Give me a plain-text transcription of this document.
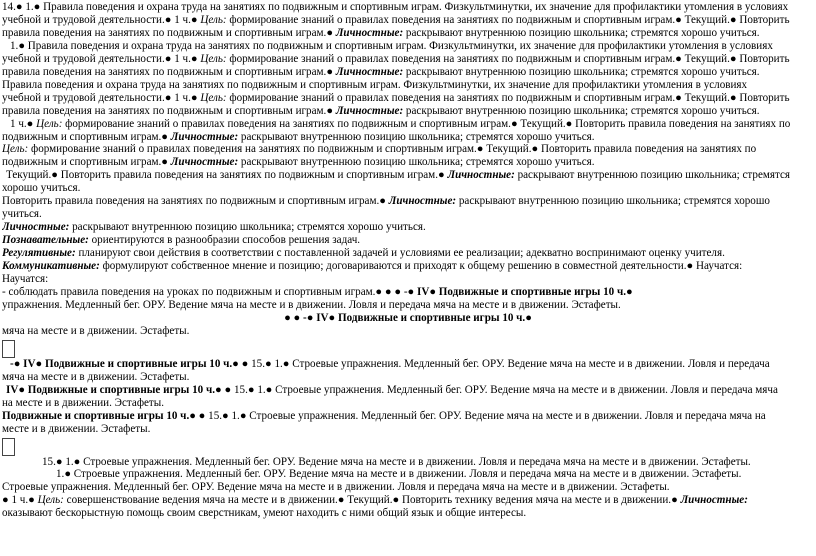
14.● 1.● Правила поведения и охрана труда на занятиях по подвижным и спортивным играм. Физкультминутки, их значение для профилактики утомления в условиях
учебной и трудовой деятельности.● 1 ч.● Цель: формирование знаний о правилах поведения на занятиях по подвижным и спортивным играм.● Текущий.● Повторить
правила поведения на занятиях по подвижным и спортивным играм.● Личностные: раскрывают внутреннюю позицию школьника; стремятся хорошо учиться.
1.● Правила поведения и охрана труда на занятиях по подвижным и спортивным играм. Физкультминутки, их значение для профилактики утомления в условиях
учебной и трудовой деятельности.● 1 ч.● Цель: формирование знаний о правилах поведения на занятиях по подвижным и спортивным играм.● Текущий.● Повторить
правила поведения на занятиях по подвижным и спортивным играм.● Личностные: раскрывают внутреннюю позицию школьника; стремятся хорошо учиться.
Правила поведения и охрана труда на занятиях по подвижным и спортивным играм. Физкультминутки, их значение для профилактики утомления в условиях
учебной и трудовой деятельности.● 1 ч.● Цель: формирование знаний о правилах поведения на занятиях по подвижным и спортивным играм.● Текущий.● Повторить
правила поведения на занятиях по подвижным и спортивным играм.● Личностные: раскрывают внутреннюю позицию школьника; стремятся хорошо учиться.
1 ч.● Цель: формирование знаний о правилах поведения на занятиях по подвижным и спортивным играм.● Текущий.● Повторить правила поведения на занятиях по
подвижным и спортивным играм.● Личностные: раскрывают внутреннюю позицию школьника; стремятся хорошо учиться.
Цель: формирование знаний о правилах поведения на занятиях по подвижным и спортивным играм.● Текущий.● Повторить правила поведения на занятиях по
подвижным и спортивным играм.● Личностные: раскрывают внутреннюю позицию школьника; стремятся хорошо учиться.
Текущий.● Повторить правила поведения на занятиях по подвижным и спортивным играм.● Личностные: раскрывают внутреннюю позицию школьника; стремятся
хорошо учиться.
Повторить правила поведения на занятиях по подвижным и спортивным играм.● Личностные: раскрывают внутреннюю позицию школьника; стремятся хорошо
учиться.
Личностные: раскрывают внутреннюю позицию школьника; стремятся хорошо учиться.
Познавательные: ориентируются в разнообразии способов решения задач.
Регулятивные: планируют свои действия в соответствии с поставленной задачей и условиями ее реализации; адекватно воспринимают оценку учителя.
Коммуникативные: формулируют собственное мнение и позицию; договариваются и приходят к общему решению в совместной деятельности.● Научатся:
Научатся:
- соблюдать правила поведения на уроках по подвижным и спортивным играм.● ● ● -● IV● Подвижные и спортивные игры 10 ч.●
упражнения. Медленный бег. ОРУ. Ведение мяча на месте и в движении. Ловля и передача мяча на месте и в движении. Эстафеты.
● ● -● IV● Подвижные и спортивные игры 10 ч.●
мяча на месте и в движении. Эстафеты.
-● IV● Подвижные и спортивные игры 10 ч.● ● 15.● 1.● Строевые упражнения. Медленный бег. ОРУ. Ведение мяча на месте и в движении. Ловля и передача
мяча на месте и в движении. Эстафеты.
IV● Подвижные и спортивные игры 10 ч.● ● 15.● 1.● Строевые упражнения. Медленный бег. ОРУ. Ведение мяча на месте и в движении. Ловля и передача мяча
на месте и в движении. Эстафеты.
Подвижные и спортивные игры 10 ч.● ● 15.● 1.● Строевые упражнения. Медленный бег. ОРУ. Ведение мяча на месте и в движении. Ловля и передача мяча на
месте и в движении. Эстафеты.
15.● 1.● Строевые упражнения. Медленный бег. ОРУ. Ведение мяча на месте и в движении. Ловля и передача мяча на месте и в движении. Эстафеты.
1.● Строевые упражнения. Медленный бег. ОРУ. Ведение мяча на месте и в движении. Ловля и передача мяча на месте и в движении. Эстафеты.
Строевые упражнения. Медленный бег. ОРУ. Ведение мяча на месте и в движении. Ловля и передача мяча на месте и в движении. Эстафеты.
● 1 ч.● Цель: совершенствование ведения мяча на месте и в движении.● Текущий.● Повторить технику ведения мяча на месте и в движении.● Личностные:
оказывают бескорыстную помощь своим сверстникам, умеют находить с ними общий язык и общие интересы.
